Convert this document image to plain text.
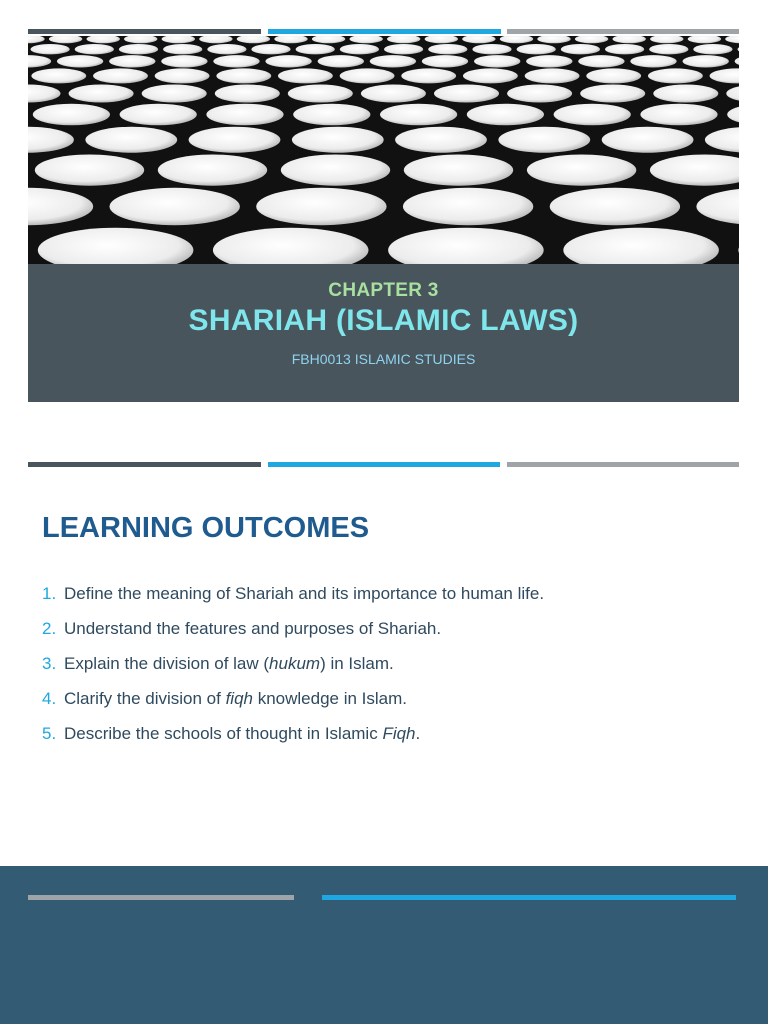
CHAPTER 3
SHARIAH (ISLAMIC LAWS)
FBH0013 ISLAMIC STUDIES
LEARNING OUTCOMES
1. Define the meaning of Shariah and its importance to human life.
2. Understand the features and purposes of Shariah.
3. Explain the division of law (hukum) in Islam.
4. Clarify the division of fiqh knowledge in Islam.
5. Describe the schools of thought in Islamic Fiqh.
